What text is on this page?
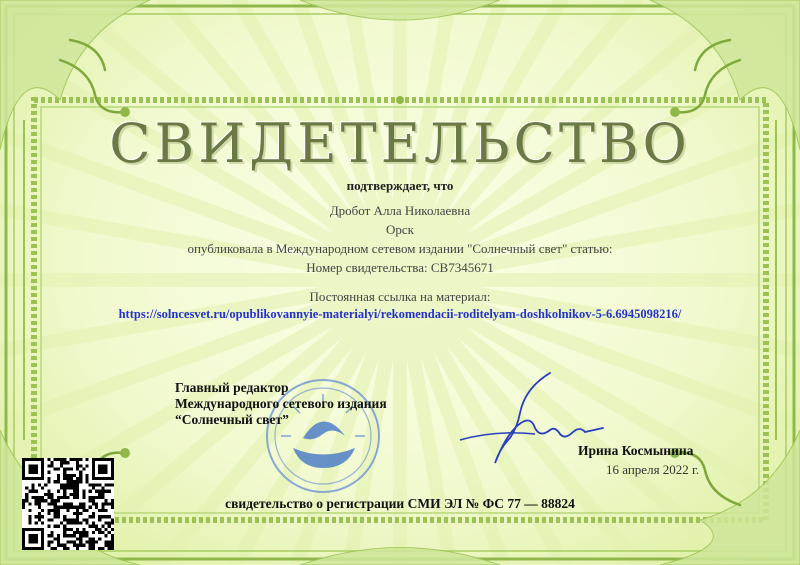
СВИДЕТЕЛЬСТВО
подтверждает, что
Дробот Алла Николаевна
Орск
опубликовала в Международном сетевом издании "Солнечный свет" статью:
Номер свидетельства: СВ7345671
Постоянная ссылка на материал:
https://solncesvet.ru/opublikovannyie-materialyi/rekomendacii-roditelyam-doshkolnikov-5-6.6945098216/
Главный редактор
Международного сетевого издания
“Солнечный свет”
Ирина Космынина
16 апреля 2022 г.
свидетельство о регистрации СМИ ЭЛ № ФС 77 — 88824
